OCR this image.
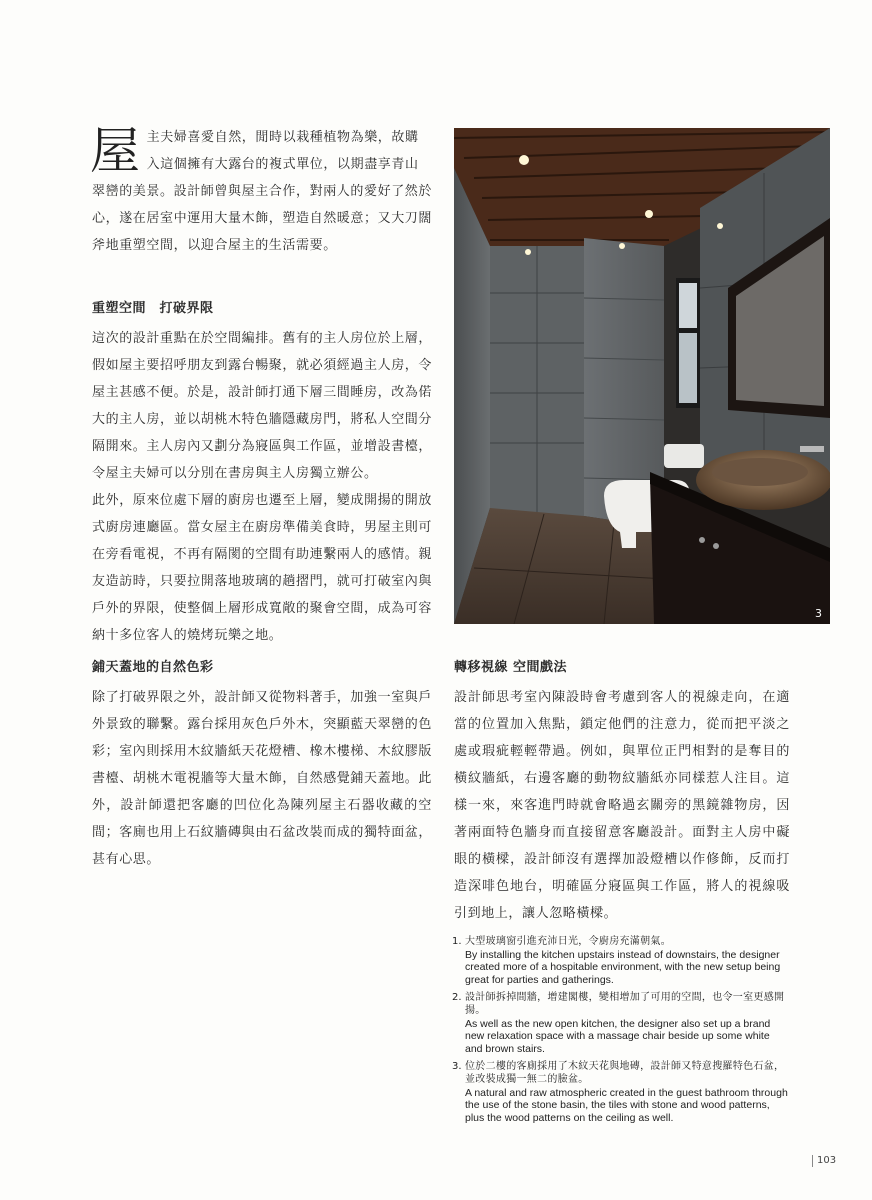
屋 主夫婦喜愛自然，閒時以栽種植物為樂，故購入這個擁有大露台的複式單位，以期盡享青山翠巒的美景。設計師曾與屋主合作，對兩人的愛好了然於心，遂在居室中運用大量木飾，塑造自然暖意；又大刀闊斧地重塑空間，以迎合屋主的生活需要。
重塑空間　打破界限

這次的設計重點在於空間編排。舊有的主人房位於上層，假如屋主要招呼朋友到露台暢聚，就必須經過主人房，令屋主甚感不便。於是，設計師打通下層三間睡房，改為偌大的主人房，並以胡桃木特色牆隱藏房門，將私人空間分隔開來。主人房內又劃分為寢區與工作區，並增設書檯，令屋主夫婦可以分別在書房與主人房獨立辦公。

此外，原來位處下層的廚房也遷至上層，變成開揚的開放式廚房連廳區。當女屋主在廚房準備美食時，男屋主則可在旁看電視，不再有隔閡的空間有助連繫兩人的感情。親友造訪時，只要拉開落地玻璃的趟摺門，就可打破室內與戶外的界限，使整個上層形成寬敞的聚會空間，成為可容納十多位客人的燒烤玩樂之地。

鋪天蓋地的自然色彩

除了打破界限之外，設計師又從物料著手，加強一室與戶外景致的聯繫。露台採用灰色戶外木，突顯藍天翠巒的色彩；室內則採用木紋牆紙天花燈槽、橡木樓梯、木紋膠版書檯、胡桃木電視牆等大量木飾，自然感覺鋪天蓋地。此外，設計師還把客廳的凹位化為陳列屋主石器收藏的空間；客廁也用上石紋牆磚與由石盆改裝而成的獨特面盆，甚有心思。

3
轉移視線 空間戲法

設計師思考室內陳設時會考慮到客人的視線走向，在適當的位置加入焦點，鎖定他們的注意力，從而把平淡之處或瑕疵輕輕帶過。例如，與單位正門相對的是奪目的橫紋牆紙，右邊客廳的動物紋牆紙亦同樣惹人注目。這樣一來，來客進門時就會略過玄關旁的黑鏡雜物房，因著兩面特色牆身而直接留意客廳設計。面對主人房中礙眼的橫樑，設計師沒有選擇加設燈槽以作修飾，反而打造深啡色地台，明確區分寢區與工作區，將人的視線吸引到地上，讓人忽略橫樑。

1. 大型玻璃窗引進充沛日光，令廚房充滿朝氣。
By installing the kitchen upstairs instead of downstairs, the designer created more of a hospitable environment, with the new setup being great for parties and gatherings.
2. 設計師拆掉間牆，增建閣樓，變相增加了可用的空間，也令一室更感開揚。
As well as the new open kitchen, the designer also set up a brand new relaxation space with a massage chair beside up some white and brown stairs.
3. 位於二樓的客廁採用了木紋天花與地磚，設計師又特意搜羅特色石盆，並改裝成獨一無二的臉盆。
A natural and raw atmospheric created in the guest bathroom through the use of the stone basin, the tiles with stone and wood patterns, plus the wood patterns on the ceiling as well.
103
